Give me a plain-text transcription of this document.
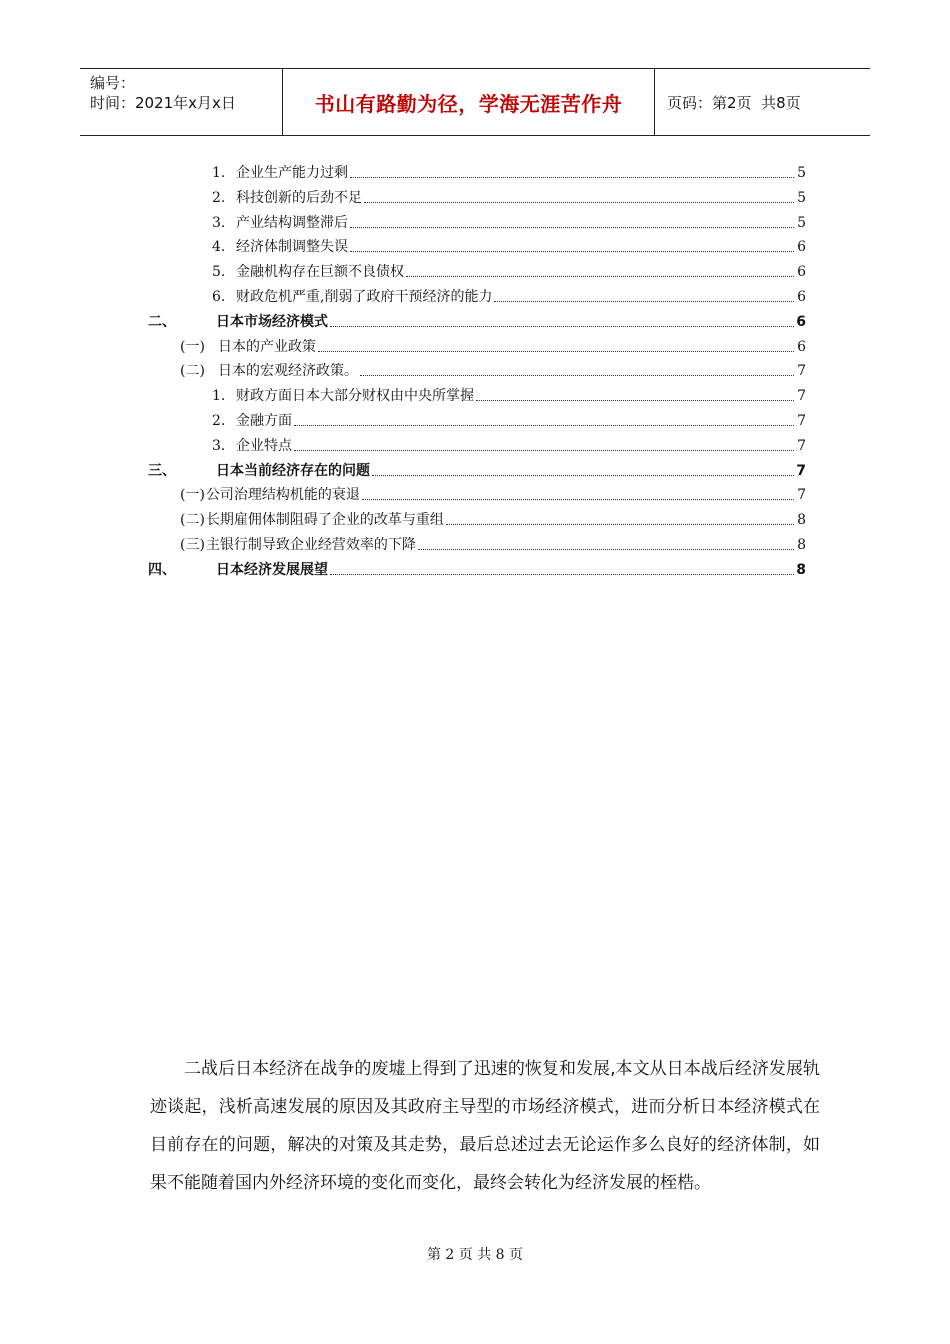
编号：
时间：2021年x月x日	书山有路勤为径，学海无涯苦作舟	页码：第2页  共8页
1. 企业生产能力过剩	5
2. 科技创新的后劲不足	5
3. 产业结构调整滞后	5
4. 经济体制调整失误	6
5. 金融机构存在巨额不良债权	6
6. 财政危机严重,削弱了政府干预经济的能力	6
二、	日本市场经济模式	6
(一) 日本的产业政策	6
(二) 日本的宏观经济政策。	7
1. 财政方面日本大部分财权由中央所掌握	7
2. 金融方面	7
3. 企业特点	7
三、	日本当前经济存在的问题	7
(一) 公司治理结构机能的衰退	7
(二) 长期雇佣体制阻碍了企业的改革与重组	8
(三) 主银行制导致企业经营效率的下降	8
四、	日本经济发展展望	8

二战后日本经济在战争的废墟上得到了迅速的恢复和发展,本文从日本战后经济发展轨迹谈起，浅析高速发展的原因及其政府主导型的市场经济模式，进而分析日本经济模式在目前存在的问题，解决的对策及其走势，最后总述过去无论运作多么良好的经济体制，如果不能随着国内外经济环境的变化而变化，最终会转化为经济发展的桎梏。

第 2 页 共 8 页
